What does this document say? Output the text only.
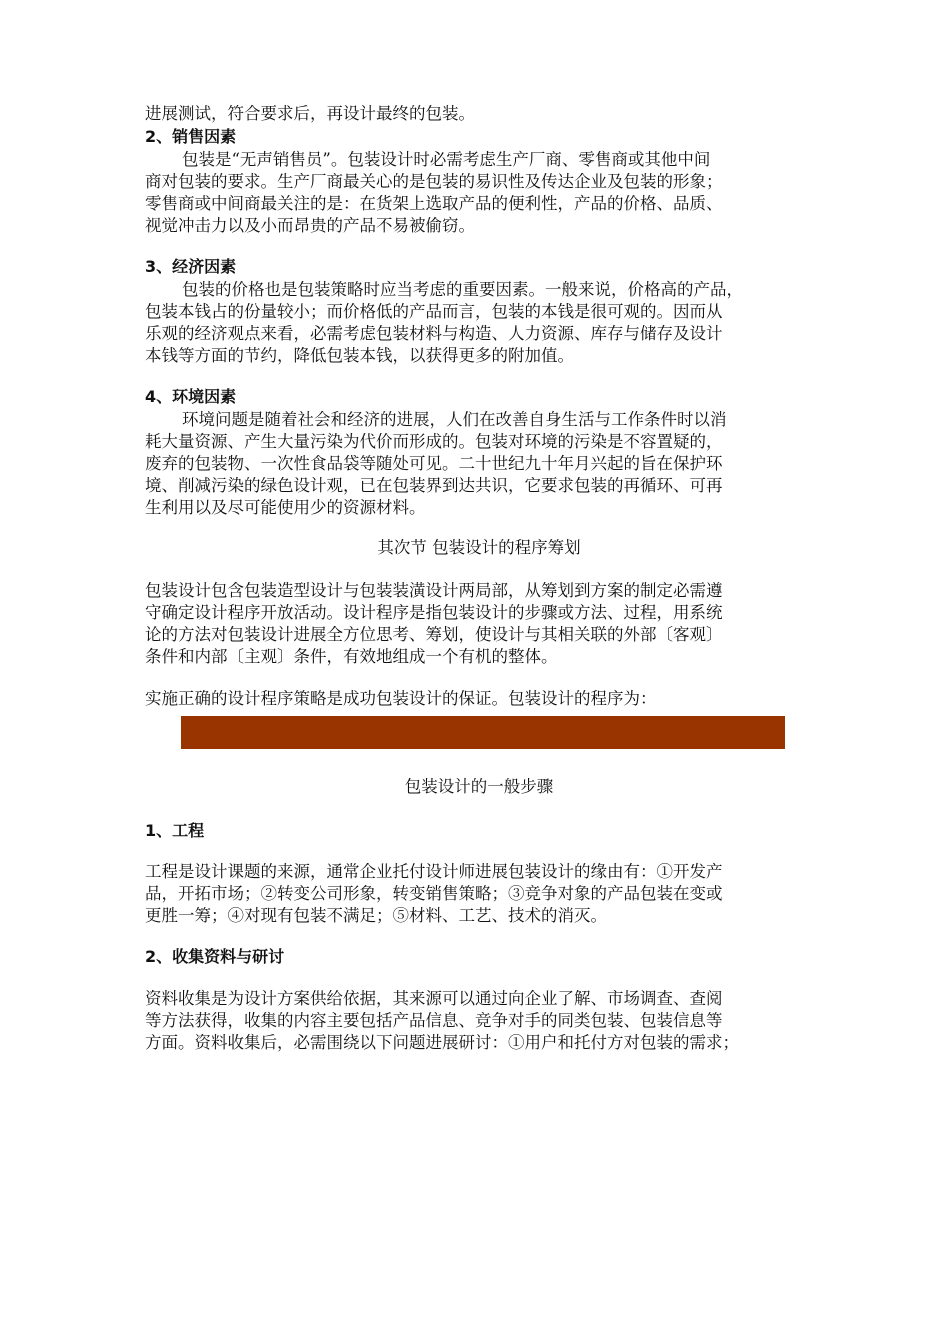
进展测试，符合要求后，再设计最终的包装。
2、销售因素
包装是“无声销售员”。包装设计时必需考虑生产厂商、零售商或其他中间
商对包装的要求。生产厂商最关心的是包装的易识性及传达企业及包装的形象；
零售商或中间商最关注的是：在货架上选取产品的便利性，产品的价格、品质、
视觉冲击力以及小而昂贵的产品不易被偷窃。
3、经济因素
包装的价格也是包装策略时应当考虑的重要因素。一般来说，价格高的产品，
包装本钱占的份量较小；而价格低的产品而言，包装的本钱是很可观的。因而从
乐观的经济观点来看，必需考虑包装材料与构造、人力资源、库存与储存及设计
本钱等方面的节约，降低包装本钱，以获得更多的附加值。
4、环境因素
环境问题是随着社会和经济的进展，人们在改善自身生活与工作条件时以消
耗大量资源、产生大量污染为代价而形成的。包装对环境的污染是不容置疑的，
废弃的包装物、一次性食品袋等随处可见。二十世纪九十年月兴起的旨在保护环
境、削减污染的绿色设计观，已在包装界到达共识，它要求包装的再循环、可再
生利用以及尽可能使用少的资源材料。
其次节 包装设计的程序筹划
包装设计包含包装造型设计与包装装潢设计两局部，从筹划到方案的制定必需遵
守确定设计程序开放活动。设计程序是指包装设计的步骤或方法、过程，用系统
论的方法对包装设计进展全方位思考、筹划，使设计与其相关联的外部〔客观〕
条件和内部〔主观〕条件，有效地组成一个有机的整体。
实施正确的设计程序策略是成功包装设计的保证。包装设计的程序为：
包装设计的一般步骤
1、工程
工程是设计课题的来源，通常企业托付设计师进展包装设计的缘由有：①开发产
品，开拓市场；②转变公司形象，转变销售策略；③竞争对象的产品包装在变或
更胜一筹；④对现有包装不满足；⑤材料、工艺、技术的消灭。
2、收集资料与研讨
资料收集是为设计方案供给依据，其来源可以通过向企业了解、市场调查、查阅
等方法获得，收集的内容主要包括产品信息、竞争对手的同类包装、包装信息等
方面。资料收集后，必需围绕以下问题进展研讨：①用户和托付方对包装的需求；
